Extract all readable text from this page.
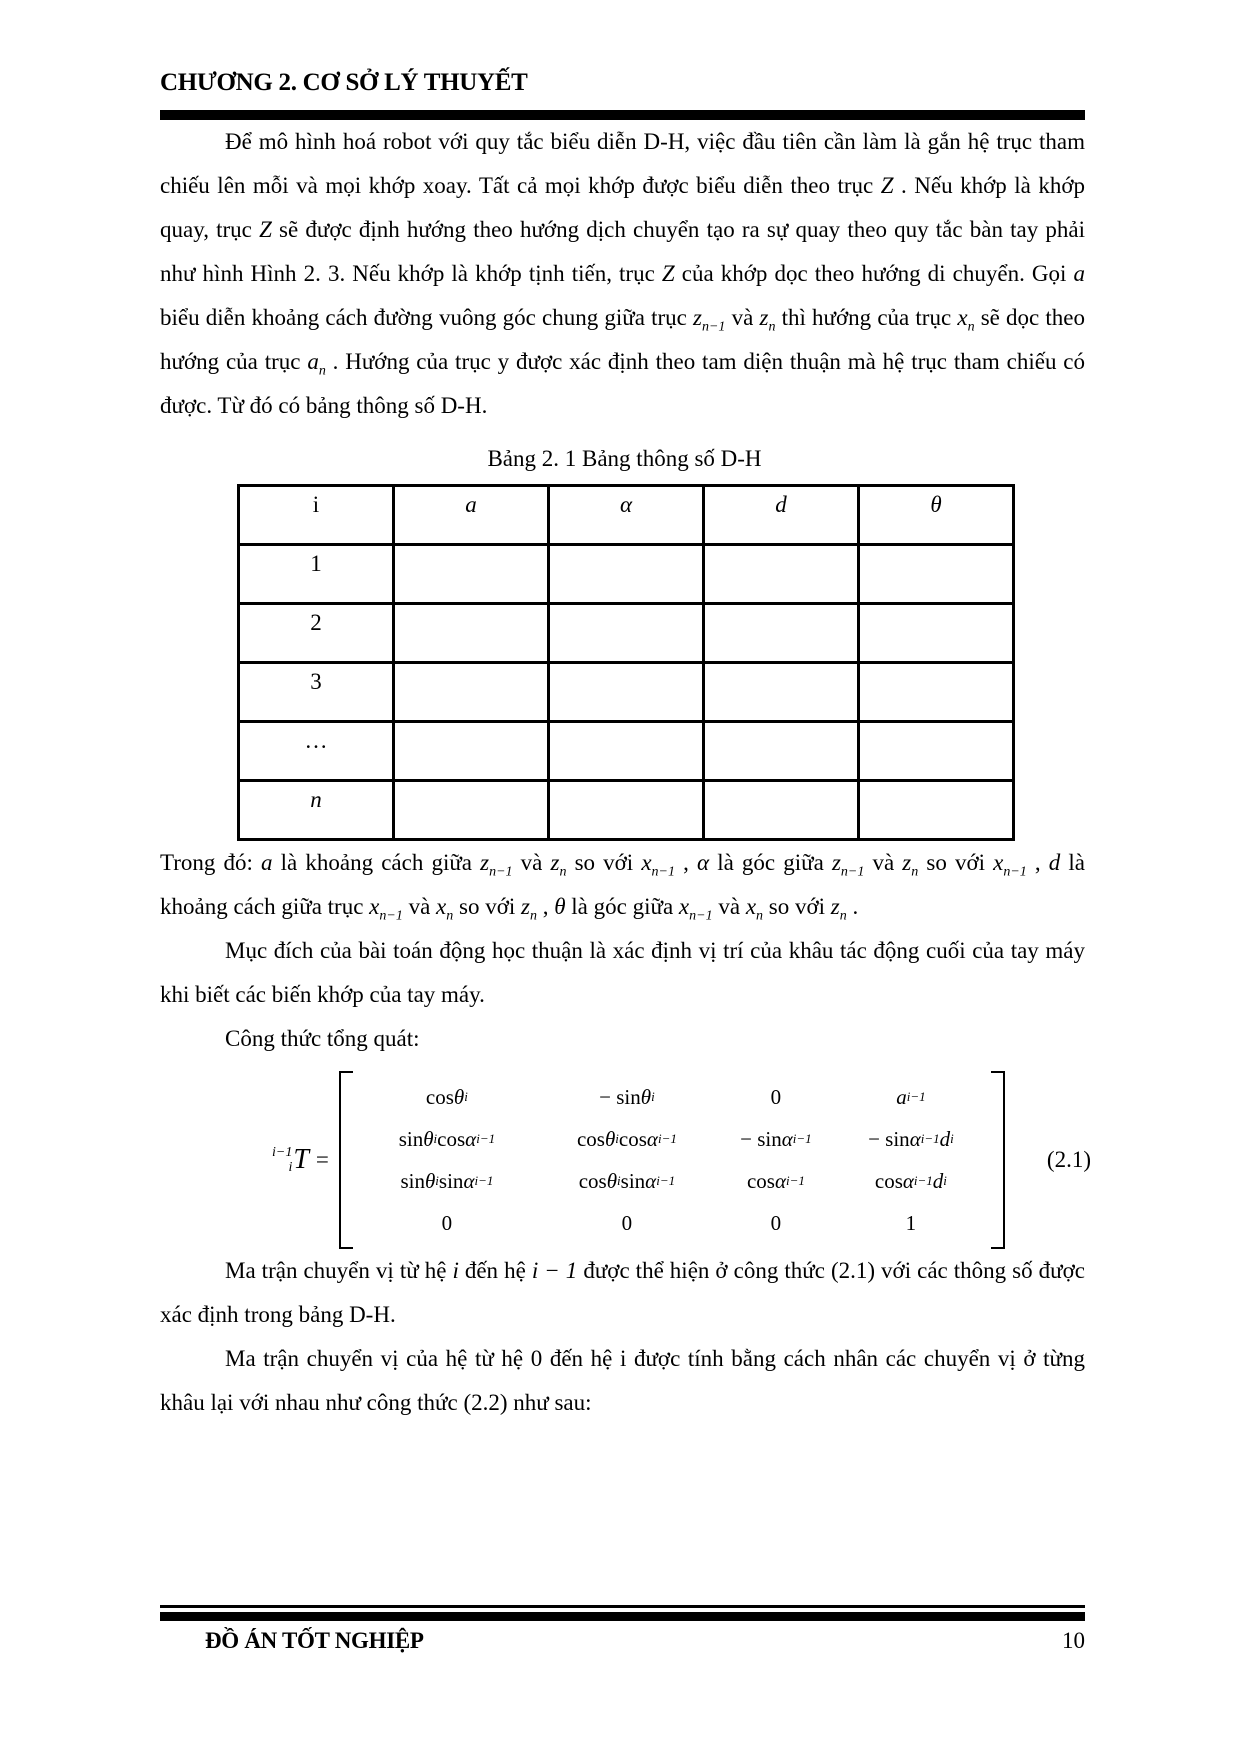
CHƯƠNG 2. CƠ SỞ LÝ THUYẾT

Để mô hình hoá robot với quy tắc biểu diễn D-H, việc đầu tiên cần làm là gắn hệ trục tham chiếu lên mỗi và mọi khớp xoay. Tất cả mọi khớp được biểu diễn theo trục Z . Nếu khớp là khớp quay, trục Z sẽ được định hướng theo hướng dịch chuyển tạo ra sự quay theo quy tắc bàn tay phải như hình Hình 2. 3. Nếu khớp là khớp tịnh tiến, trục Z của khớp dọc theo hướng di chuyển. Gọi a biểu diễn khoảng cách đường vuông góc chung giữa trục $z_{n-1}$ và $z_n$ thì hướng của trục $x_n$ sẽ dọc theo hướng của trục $a_n$ . Hướng của trục y được xác định theo tam diện thuận mà hệ trục tham chiếu có được. Từ đó có bảng thông số D-H.

Bảng 2. 1 Bảng thông số D-H
i	a	α	d	θ
1				
2				
3				
…				
n				

Trong đó: a là khoảng cách giữa $z_{n-1}$ và $z_n$ so với $x_{n-1}$ , α là góc giữa $z_{n-1}$ và $z_n$ so với $x_{n-1}$ , d là khoảng cách giữa trục $x_{n-1}$ và $x_n$ so với $z_n$ , θ là góc giữa $x_{n-1}$ và $x_n$ so với $z_n$ .

Mục đích của bài toán động học thuận là xác định vị trí của khâu tác động cuối của tay máy khi biết các biến khớp của tay máy.

Công thức tổng quát:

i−1
i T =
cos θ i	− sin θ i	0	a i−1
sin θ i cos α i−1	cos θ i cos α i−1	− sin α i−1	− sin α i−1 d i
sin θ i sin α i−1	cos θ i sin α i−1	cos α i−1	cos α i−1 d i
0	0	0	1
(2.1)

Ma trận chuyển vị từ hệ i đến hệ i − 1 được thể hiện ở công thức (2.1) với các thông số được xác định trong bảng D-H.

Ma trận chuyển vị của hệ từ hệ 0 đến hệ i được tính bằng cách nhân các chuyển vị ở từng khâu lại với nhau như công thức (2.2) như sau:

ĐỒ ÁN TỐT NGHIỆP	10
